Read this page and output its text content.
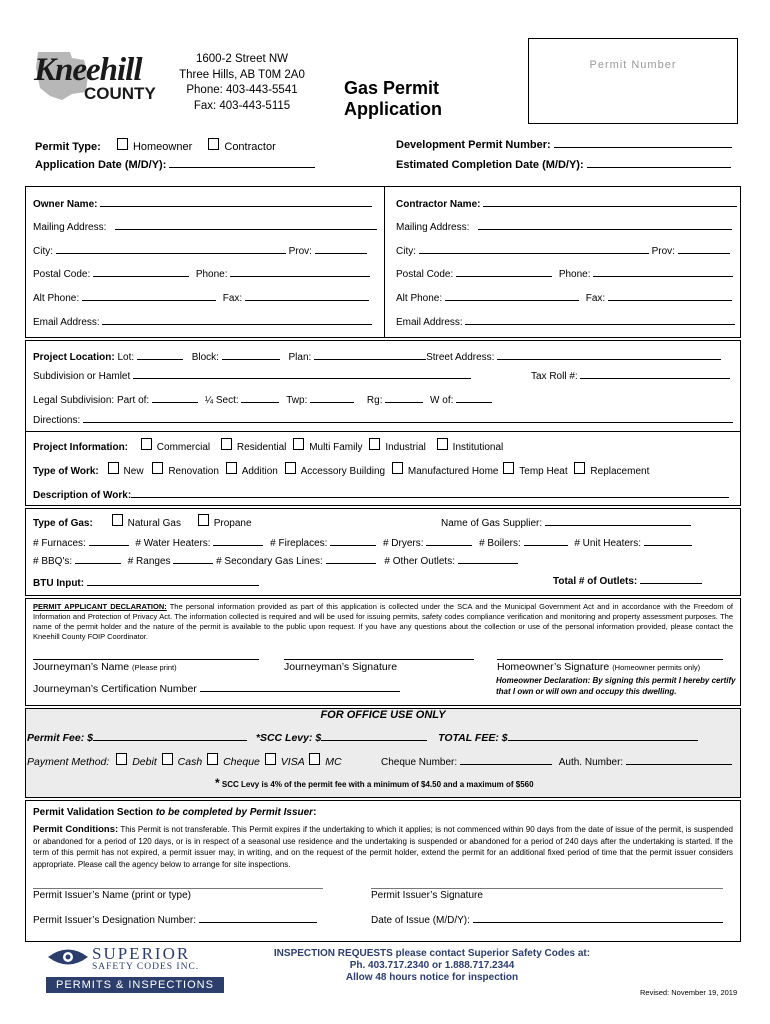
Kneehill
COUNTY
1600-2 Street NW
Three Hills, AB T0M 2A0
Phone: 403-443-5541
Fax: 403-443-5115
Gas Permit
Application
Permit Number
Permit Type:	Homeowner	Contractor	Development Permit Number:
Application Date (M/D/Y):	Estimated Completion Date (M/D/Y):
Owner Name:
Mailing Address:
City:	Prov:
Postal Code:	Phone:
Alt Phone:	Fax:
Email Address:
Contractor Name:
Mailing Address:
City:	Prov:
Postal Code:	Phone:
Alt Phone:	Fax:
Email Address:
Project Location: Lot:	Block:	Plan:	Street Address:
Subdivision or Hamlet	Tax Roll #:
Legal Subdivision: Part of:	¼ Sect:	Twp:	Rg:	W of:
Directions:
Project Information:	Commercial	Residential Multi Family Industrial	Institutional
Type of Work: New Renovation Addition Accessory Building Manufactured Home Temp Heat Replacement
Description of Work:
Type of Gas:	Natural Gas	Propane	Name of Gas Supplier:
# Furnaces:	# Water Heaters:	# Fireplaces:	# Dryers:	# Boilers:	# Unit Heaters:
# BBQ's:	# Ranges	# Secondary Gas Lines:	# Other Outlets:
BTU Input:	Total # of Outlets:
PERMIT APPLICANT DECLARATION: The personal information provided as part of this application is collected under the SCA and the Municipal Government Act and in accordance with the Freedom of Information and Protection of Privacy Act. The information collected is required and will be used for issuing permits, safety codes compliance verification and monitoring and property assessment purposes. The name of the permit holder and the nature of the permit is available to the public upon request. If you have any questions about the collection or use of the personal information provided, please contact the Kneehill County FOIP Coordinator.
Journeyman’s Name (Please print)	Journeyman’s Signature	Homeowner’s Signature (Homeowner permits only)
Journeyman’s Certification Number
Homeowner Declaration: By signing this permit I hereby certify that I own or will own and occupy this dwelling.
FOR OFFICE USE ONLY
Permit Fee: $	*SCC Levy: $	TOTAL FEE: $
Payment Method: Debit Cash Cheque VISA MC	Cheque Number:	Auth. Number:
* SCC Levy is 4% of the permit fee with a minimum of $4.50 and a maximum of $560
Permit Validation Section to be completed by Permit Issuer:
Permit Conditions: This Permit is not transferable. This Permit expires if the undertaking to which it applies; is not commenced within 90 days from the date of issue of the permit, is suspended or abandoned for a period of 120 days, or is in respect of a seasonal use residence and the undertaking is suspended or abandoned for a period of 240 days after the undertaking is started. If the term of this permit has not expired, a permit issuer may, in writing, and on the request of the permit holder, extend the permit for an additional fixed period of time that the permit issuer considers appropriate. Please call the agency below to arrange for site inspections.
Permit Issuer’s Name (print or type)	Permit Issuer’s Signature
Permit Issuer’s Designation Number:	Date of Issue (M/D/Y):
SUPERIOR
SAFETY CODES INC.
PERMITS & INSPECTIONS
INSPECTION REQUESTS please contact Superior Safety Codes at:
Ph. 403.717.2340 or 1.888.717.2344
Allow 48 hours notice for inspection
Revised: November 19, 2019
